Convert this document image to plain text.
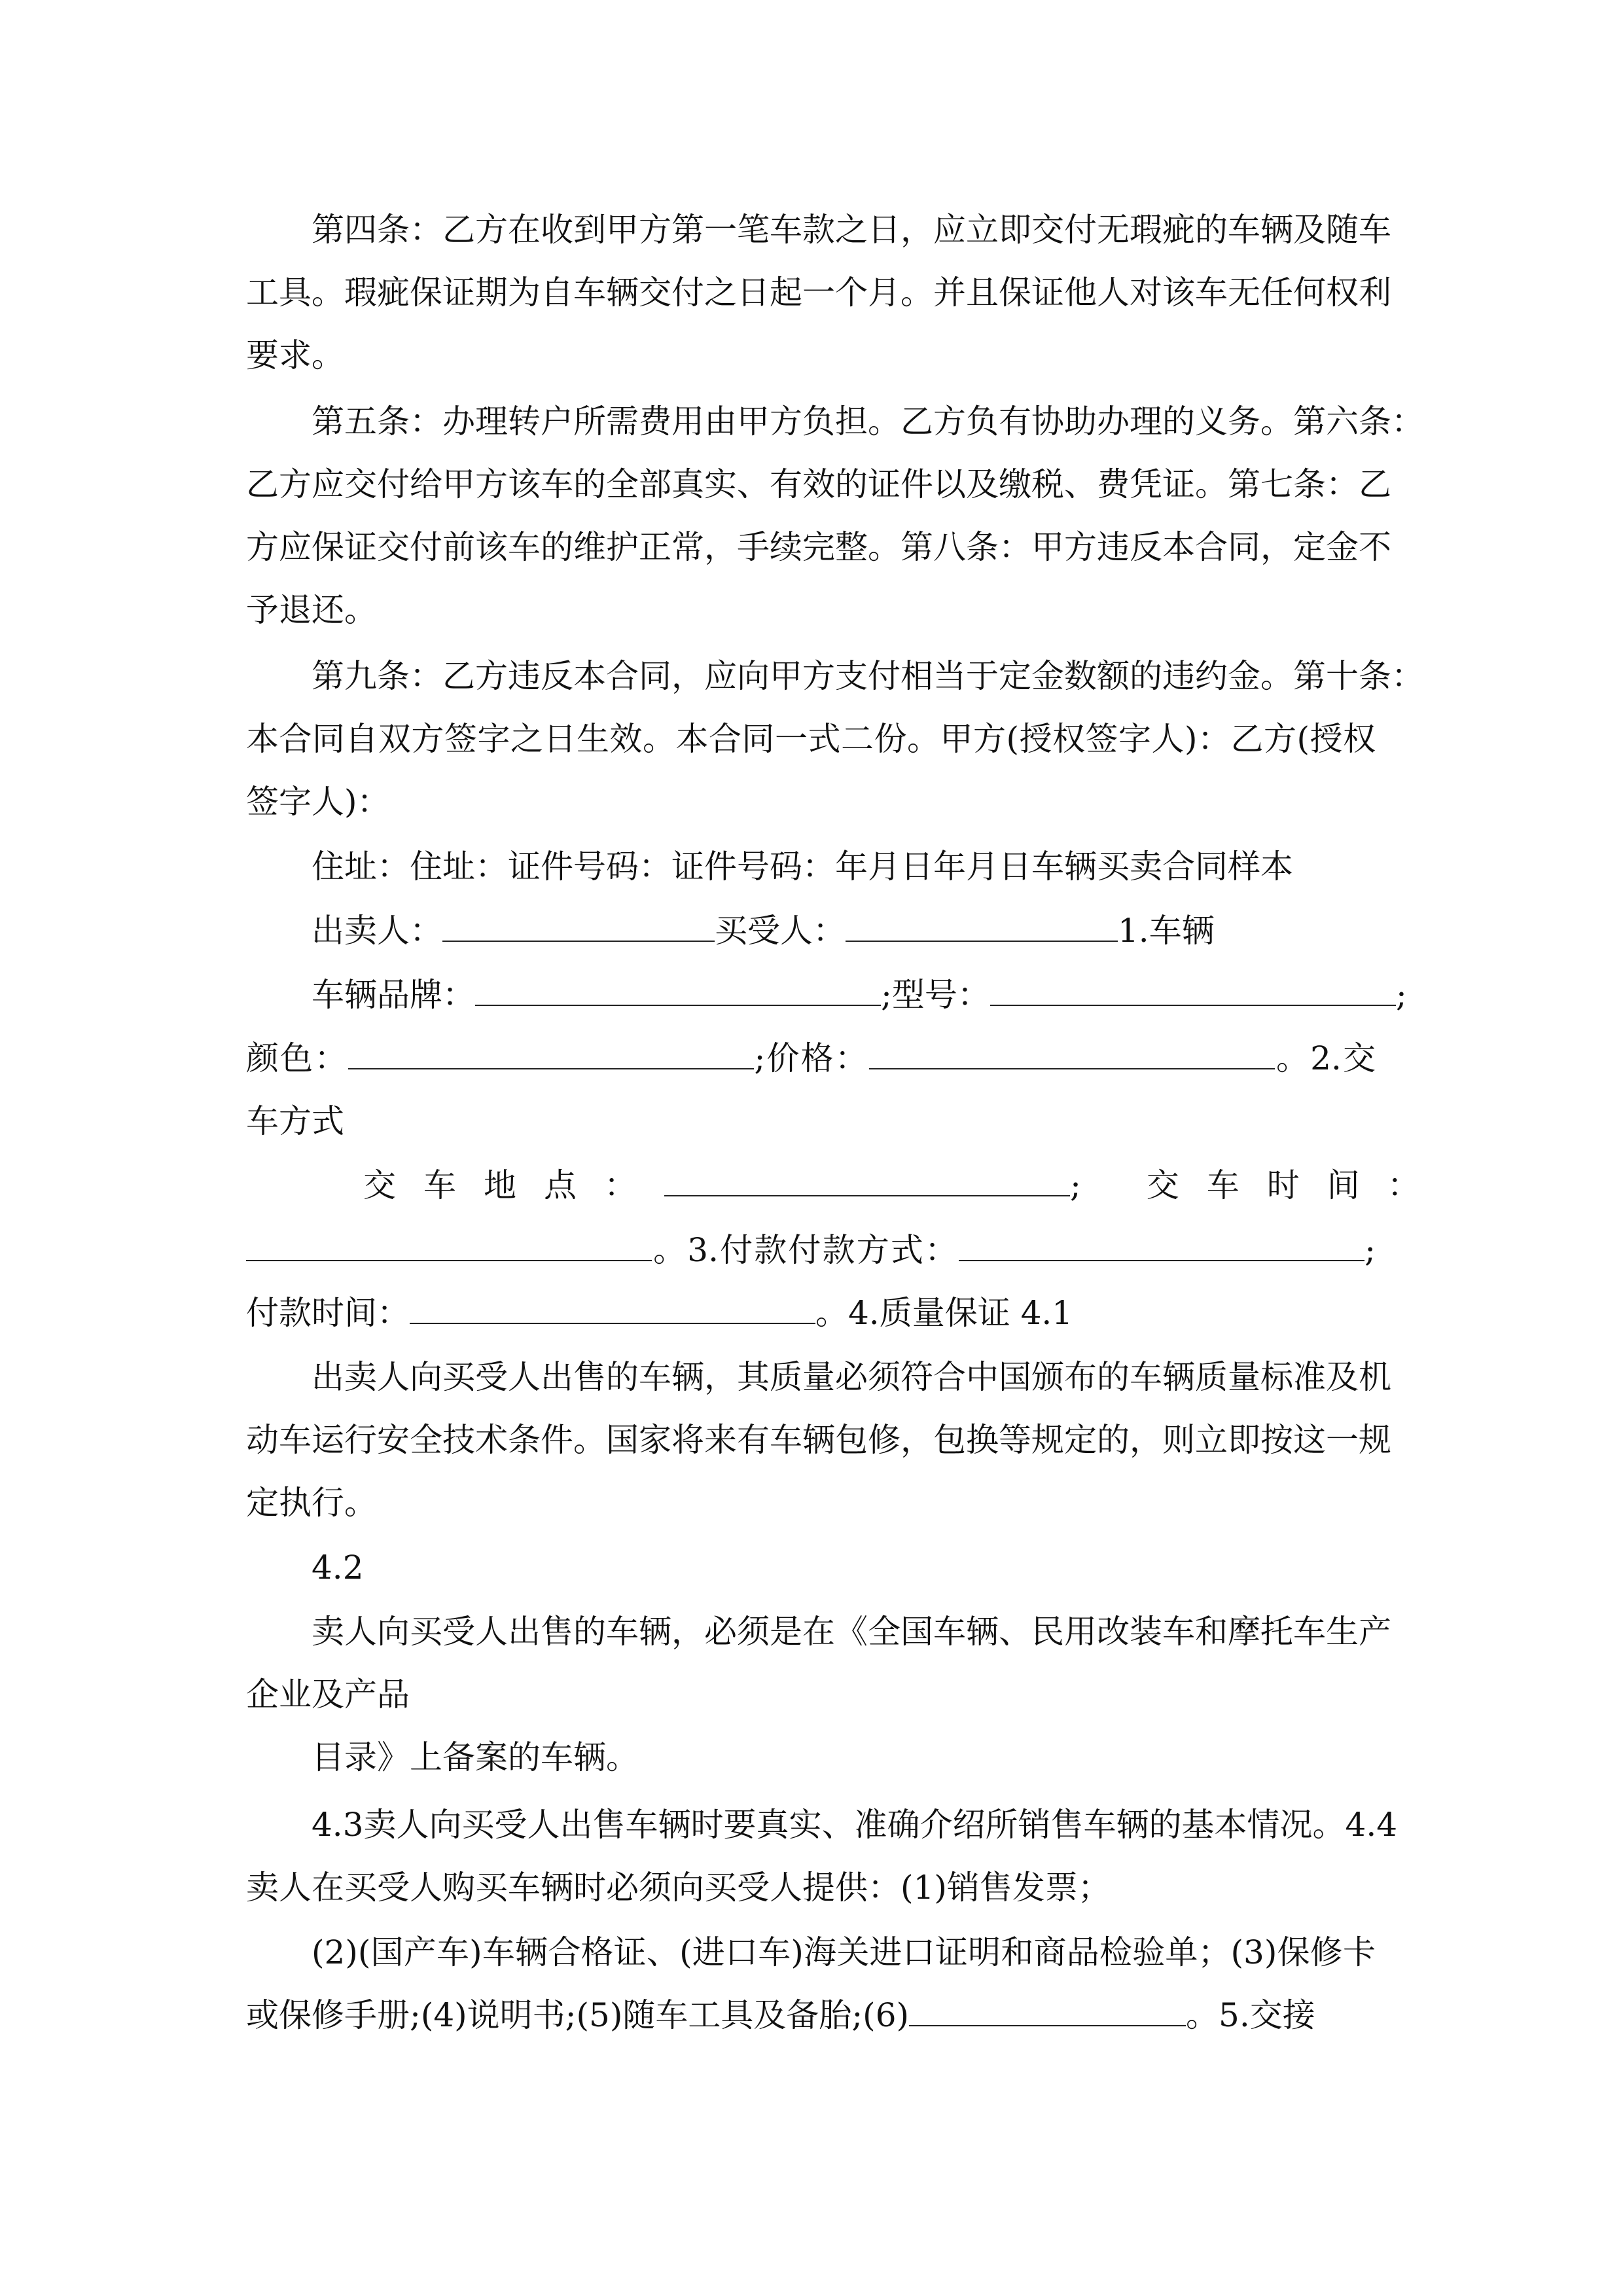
第四条：乙方在收到甲方第一笔车款之日，应立即交付无瑕疵的车辆及随车
工具。瑕疵保证期为自车辆交付之日起一个月。并且保证他人对该车无任何权利
要求。
第五条：办理转户所需费用由甲方负担。乙方负有协助办理的义务。第六条：
乙方应交付给甲方该车的全部真实、有效的证件以及缴税、费凭证。第七条：乙
方应保证交付前该车的维护正常，手续完整。第八条：甲方违反本合同，定金不
予退还。
第九条：乙方违反本合同，应向甲方支付相当于定金数额的违约金。第十条：
本合同自双方签字之日生效。本合同一式二份。甲方(授权签字人)：乙方(授权
签字人)：
住址：住址：证件号码：证件号码：年月日年月日车辆买卖合同样本
出卖人：	买受人：	1.车辆
车辆品牌：	;型号：	;
颜色：	;价格：	。2.交
车方式
交车地点：	; 交车时间：
。3.付款付款方式：	;
付款时间：	。4.质量保证 4.1
出卖人向买受人出售的车辆，其质量必须符合中国颁布的车辆质量标准及机
动车运行安全技术条件。国家将来有车辆包修，包换等规定的，则立即按这一规
定执行。
4.2
卖人向买受人出售的车辆，必须是在《全国车辆、民用改装车和摩托车生产
企业及产品
目录》上备案的车辆。
4.3卖人向买受人出售车辆时要真实、准确介绍所销售车辆的基本情况。4.4
卖人在买受人购买车辆时必须向买受人提供：(1)销售发票；
(2)(国产车)车辆合格证、(进口车)海关进口证明和商品检验单；(3)保修卡
或保修手册;(4)说明书;(5)随车工具及备胎;(6)	。5.交接
